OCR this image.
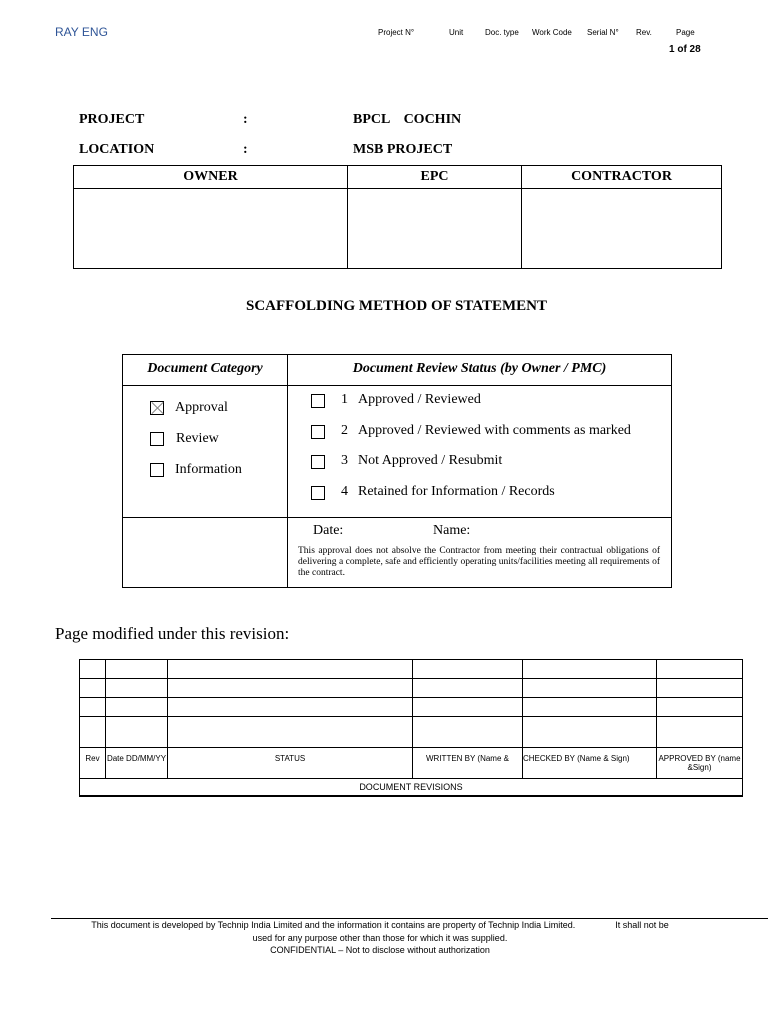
RAY ENG	Project N°	Unit	Doc. type Work Code Serial N° Rev.	Page
1 of 28
PROJECT	:	BPCL    COCHIN
LOCATION	:	MSB PROJECT
OWNER	EPC	CONTRACTOR

SCAFFOLDING METHOD OF STATEMENT
Document Category	Document Review Status (by Owner / PMC)
Approval
Review
Information
1 Approved / Reviewed
2 Approved / Reviewed with comments as marked
3 Not Approved / Resubmit
4 Retained for Information / Records
Date:	Name:
This approval does not absolve the Contractor from meeting their contractual obligations of delivering a complete, safe and efficiently operating units/facilities meeting all requirements of the contract.
Page modified under this revision:

Rev	Date DD/MM/YY	STATUS	WRITTEN BY (Name &	CHECKED BY (Name & Sign)	APPROVED BY (name &Sign)
DOCUMENT REVISIONS					
This document is developed by Technip India Limited and the information it contains are property of Technip India Limited.                It shall not be
used for any purpose other than those for which it was supplied.
CONFIDENTIAL – Not to disclose without authorization
